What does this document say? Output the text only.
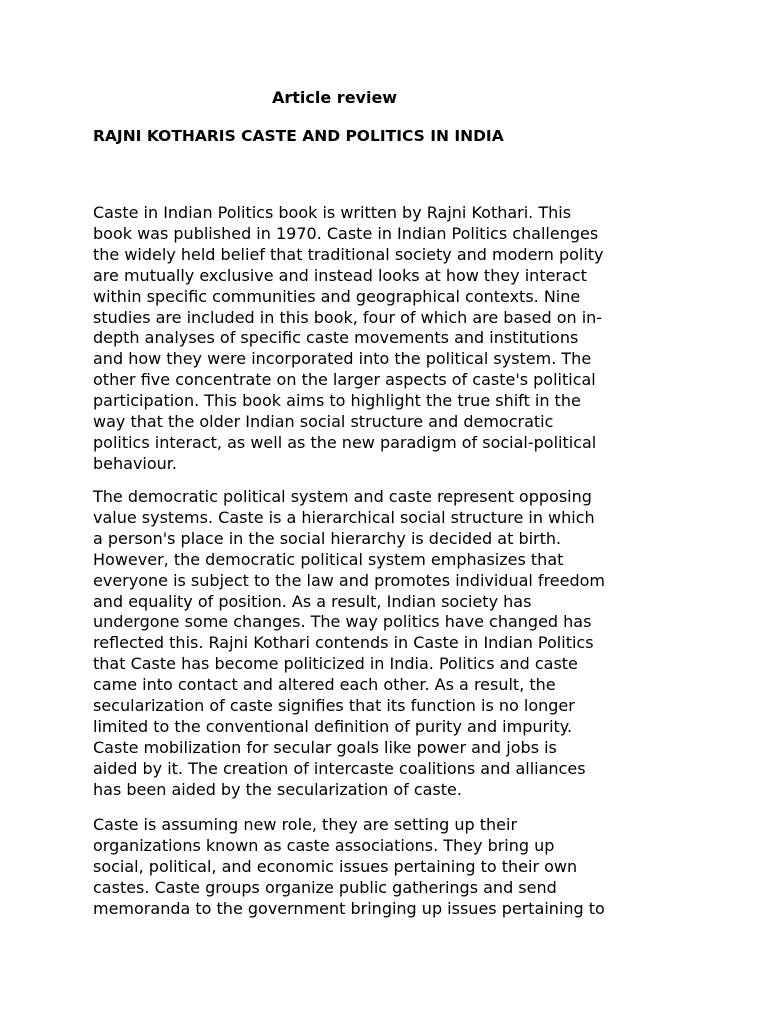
Article review
RAJNI KOTHARIS CASTE AND POLITICS IN INDIA
Caste in Indian Politics book is written by Rajni Kothari. This
book was published in 1970. Caste in Indian Politics challenges
the widely held belief that traditional society and modern polity
are mutually exclusive and instead looks at how they interact
within specific communities and geographical contexts. Nine
studies are included in this book, four of which are based on in-
depth analyses of specific caste movements and institutions
and how they were incorporated into the political system. The
other five concentrate on the larger aspects of caste's political
participation. This book aims to highlight the true shift in the
way that the older Indian social structure and democratic
politics interact, as well as the new paradigm of social-political
behaviour.
The democratic political system and caste represent opposing
value systems. Caste is a hierarchical social structure in which
a person's place in the social hierarchy is decided at birth.
However, the democratic political system emphasizes that
everyone is subject to the law and promotes individual freedom
and equality of position. As a result, Indian society has
undergone some changes. The way politics have changed has
reflected this. Rajni Kothari contends in Caste in Indian Politics
that Caste has become politicized in India. Politics and caste
came into contact and altered each other. As a result, the
secularization of caste signifies that its function is no longer
limited to the conventional definition of purity and impurity.
Caste mobilization for secular goals like power and jobs is
aided by it. The creation of intercaste coalitions and alliances
has been aided by the secularization of caste.
Caste is assuming new role, they are setting up their
organizations known as caste associations. They bring up
social, political, and economic issues pertaining to their own
castes. Caste groups organize public gatherings and send
memoranda to the government bringing up issues pertaining to
